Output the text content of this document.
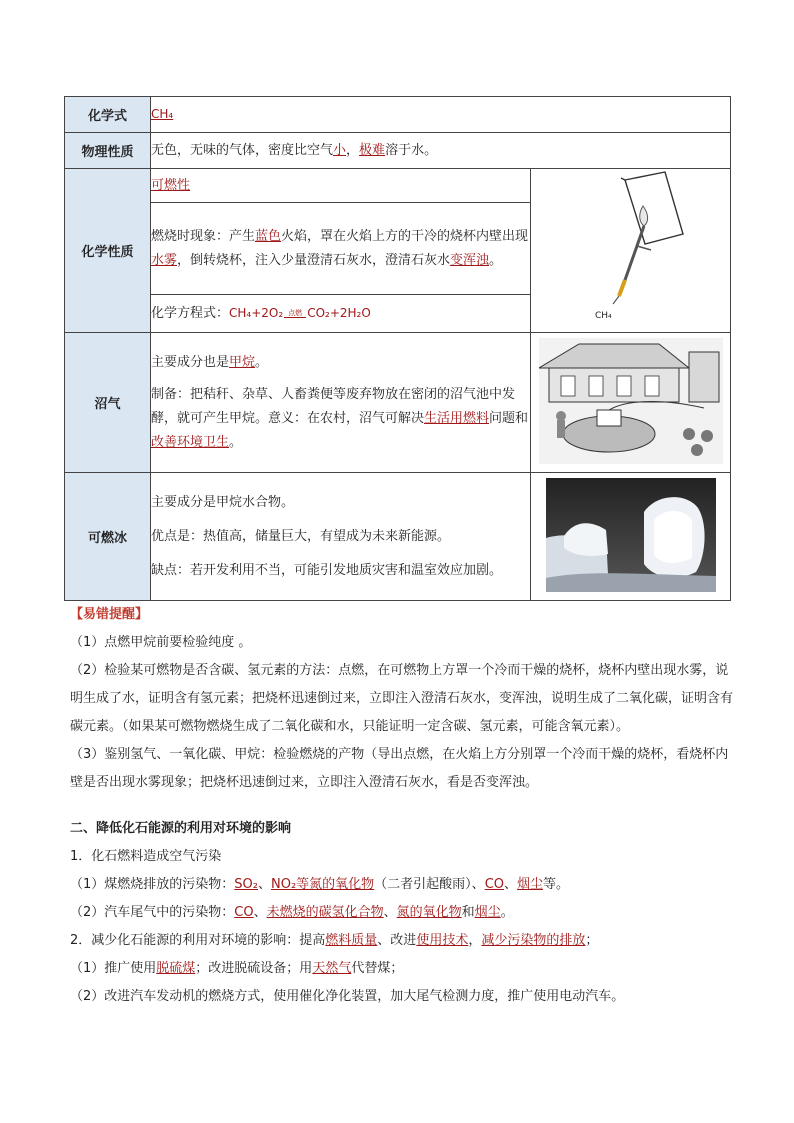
化学式	CH₄	
物理性质	无色，无味的气体，密度比空气小，极难溶于水。	
化学性质	可燃性	CH₄

	燃烧时现象：产生蓝色火焰，罩在火焰上方的干冷的烧杯内壁出现水雾，倒转烧杯，注入少量澄清石灰水，澄清石灰水变浑浊。	

	化学方程式：CH₄+2O₂ 点燃 CO₂+2H₂O	
沼气	主要成分也是甲烷。
制备：把秸秆、杂草、人畜粪便等废弃物放在密闭的沼气池中发酵，就可产生甲烷。意义：在农村，沼气可解决生活用燃料问题和改善环境卫生。

可燃冰	主要成分是甲烷水合物。
优点是：热值高，储量巨大，有望成为未来新能源。
缺点：若开发利用不当，可能引发地质灾害和温室效应加剧。

【易错提醒】
（1）点燃甲烷前要检验纯度 。
（2）检验某可燃物是否含碳、氢元素的方法：点燃，在可燃物上方罩一个冷而干燥的烧杯，烧杯内壁出现水雾，说明生成了水，证明含有氢元素；把烧杯迅速倒过来，立即注入澄清石灰水，变浑浊，说明生成了二氧化碳，证明含有碳元素。（如果某可燃物燃烧生成了二氧化碳和水，只能证明一定含碳、氢元素，可能含氧元素）。
（3）鉴别氢气、一氧化碳、甲烷：检验燃烧的产物（导出点燃，在火焰上方分别罩一个冷而干燥的烧杯，看烧杯内壁是否出现水雾现象；把烧杯迅速倒过来，立即注入澄清石灰水，看是否变浑浊。
二、降低化石能源的利用对环境的影响
1．化石燃料造成空气污染
（1）煤燃烧排放的污染物：SO₂、NO₂等氮的氧化物（二者引起酸雨）、CO、烟尘等。
（2）汽车尾气中的污染物：CO、未燃烧的碳氢化合物、氮的氧化物和烟尘。
2．减少化石能源的利用对环境的影响：提高燃料质量、改进使用技术，减少污染物的排放；
（1）推广使用脱硫煤；改进脱硫设备；用天然气代替煤；
（2）改进汽车发动机的燃烧方式，使用催化净化装置，加大尾气检测力度，推广使用电动汽车。
